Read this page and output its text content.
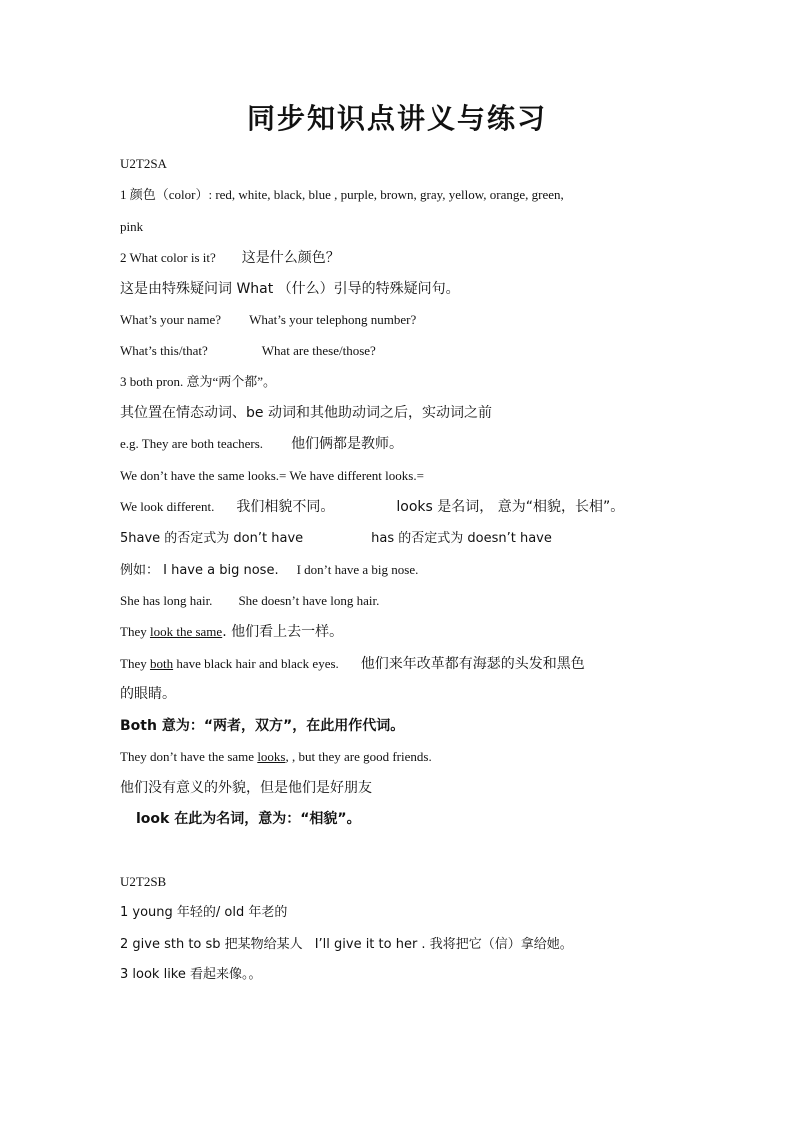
同步知识点讲义与练习

U2T2SA

1 颜色（color）: red, white, black, blue , purple, brown, gray, yellow, orange, green,

pink

2 What color is it? 这是什么颜色？

这是由特殊疑问词 What （什么）引导的特殊疑问句。

What’s your name? What’s your telephong number?

What’s this/that?	What are these/those?

3 both pron. 意为“两个都”。

其位置在情态动词、be 动词和其他助动词之后，实动词之前

e.g. They are both teachers. 他们俩都是教师。

We don’t have the same looks.= We have different looks.=

We look different. 我们相貌不同。	looks 是名词， 意为“相貌，长相”。

5have 的否定式为 don’t have	has 的否定式为 doesn’t have

例如： I have a big nose. I don’t have a big nose.

She has long hair. She doesn’t have long hair.

They look the same. 他们看上去一样。

They both have black hair and black eyes. 他们来年改革都有海瑟的头发和黑色

的眼睛。

Both 意为：“两者，双方”，在此用作代词。

They don’t have the same looks, , but they are good friends.

他们没有意义的外貌，但是他们是好朋友

look 在此为名词，意为：“相貌”。

U2T2SB

1 young 年轻的/ old 年老的

2 give sth to sb 把某物给某人 I’ll give it to her . 我将把它（信）拿给她。

3 look like 看起来像。。
